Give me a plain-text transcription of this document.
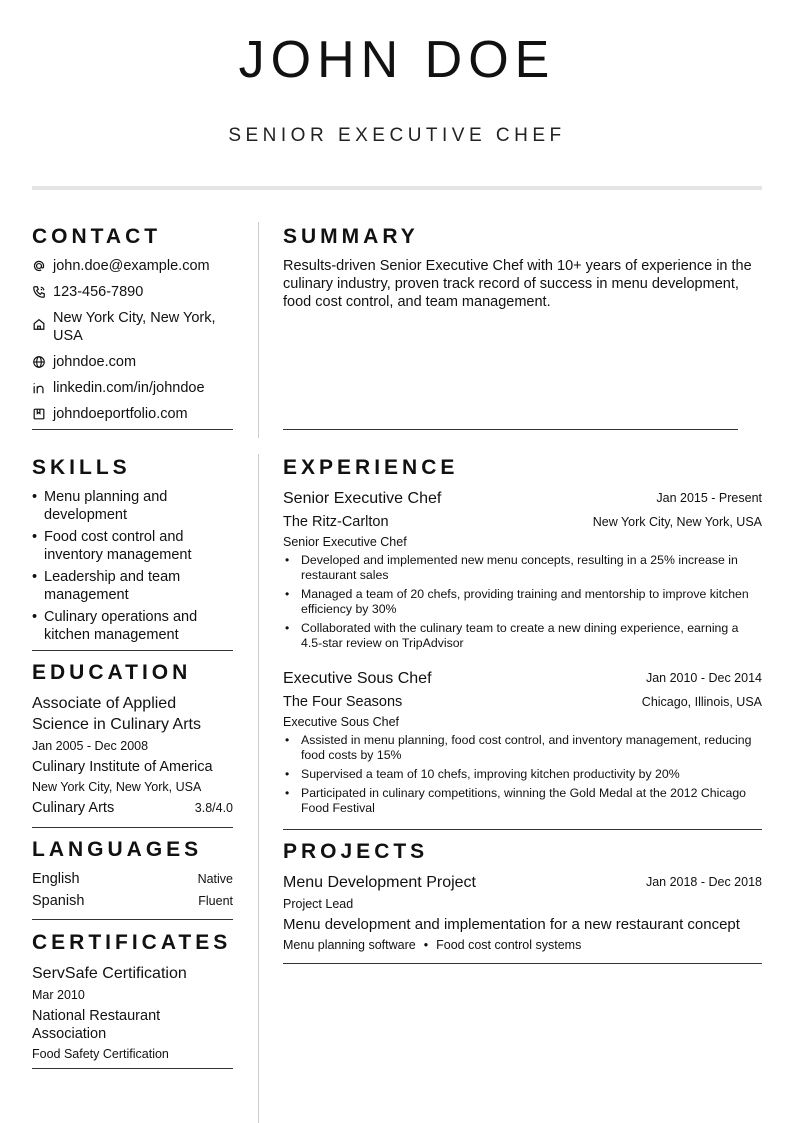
JOHN DOE
SENIOR EXECUTIVE CHEF
CONTACT
john.doe@example.com
123-456-7890
New York City, New York, USA
johndoe.com
linkedin.com/in/johndoe
johndoeportfolio.com
SUMMARY
Results-driven Senior Executive Chef with 10+ years of experience in the culinary industry, proven track record of success in menu development, food cost control, and team management.
SKILLS
• Menu planning and development
• Food cost control and inventory management
• Leadership and team management
• Culinary operations and kitchen management
EDUCATION
Associate of Applied Science in Culinary Arts
Jan 2005 - Dec 2008
Culinary Institute of America
New York City, New York, USA
Culinary Arts	3.8/4.0
LANGUAGES
English	Native
Spanish	Fluent
CERTIFICATES
ServSafe Certification
Mar 2010
National Restaurant Association
Food Safety Certification
EXPERIENCE
Senior Executive Chef	Jan 2015 - Present
The Ritz-Carlton	New York City, New York, USA
Senior Executive Chef
• Developed and implemented new menu concepts, resulting in a 25% increase in restaurant sales
• Managed a team of 20 chefs, providing training and mentorship to improve kitchen efficiency by 30%
• Collaborated with the culinary team to create a new dining experience, earning a 4.5-star review on TripAdvisor
Executive Sous Chef	Jan 2010 - Dec 2014
The Four Seasons	Chicago, Illinois, USA
Executive Sous Chef
• Assisted in menu planning, food cost control, and inventory management, reducing food costs by 15%
• Supervised a team of 10 chefs, improving kitchen productivity by 20%
• Participated in culinary competitions, winning the Gold Medal at the 2012 Chicago Food Festival
PROJECTS
Menu Development Project	Jan 2018 - Dec 2018
Project Lead
Menu development and implementation for a new restaurant concept
Menu planning software • Food cost control systems
